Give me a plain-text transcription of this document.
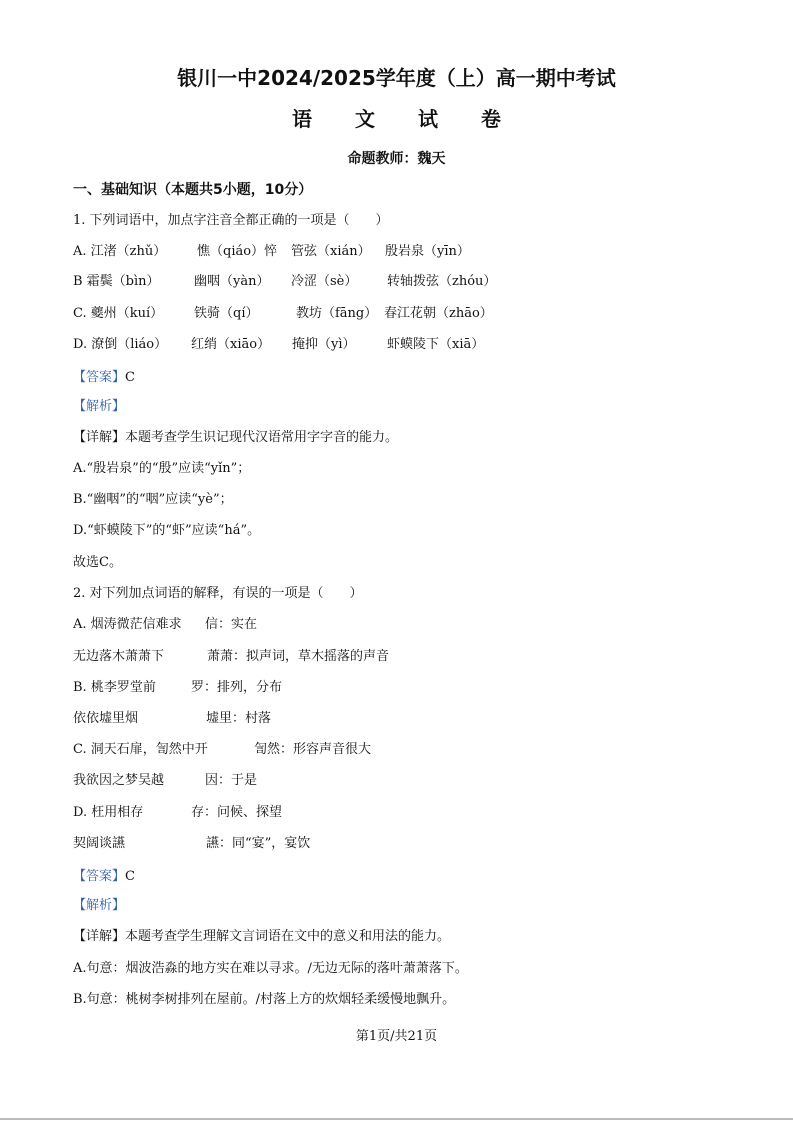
银川一中2024/2025学年度（上）高一期中考试
语 文 试 卷
命题教师：魏天
一、基础知识（本题共5小题，10分）
1. 下列词语中，加点字注音全都正确的一项是（　　）
A. 江渚（zhǔ） 憔（qiáo）悴 管弦（xián） 殷岩泉（yīn）
B 霜鬓（bìn）	幽咽（yàn） 冷涩（sè） 转轴拨弦（zhóu）
C. 夔州（kuí） 铁骑（qí）	教坊（fāng） 春江花朝（zhāo）
D. 潦倒（liáo） 红绡（xiāo） 掩抑（yì） 虾蟆陵下（xiā）
【答案】C
【解析】
【详解】本题考查学生识记现代汉语常用字字音的能力。
A.“殷岩泉”的“殷”应读“yǐn”；
B.“幽咽”的“咽”应读“yè”；
D.“虾蟆陵下”的“虾”应读“há”。
故选C。
2. 对下列加点词语的解释，有误的一项是（　　）
A. 烟涛微茫信难求 信：实在
无边落木萧萧下	萧萧：拟声词，草木摇落的声音
B. 桃李罗堂前	罗：排列，分布
依依墟里烟	墟里：村落
C. 洞天石扉，訇然中开	訇然：形容声音很大
我欲因之梦吴越	因：于是
D. 枉用相存	存：问候、探望
契阔谈讌	讌：同“宴”，宴饮
【答案】C
【解析】
【详解】本题考查学生理解文言词语在文中的意义和用法的能力。
A.句意：烟波浩淼的地方实在难以寻求。/无边无际的落叶萧萧落下。
B.句意：桃树李树排列在屋前。/村落上方的炊烟轻柔缓慢地飘升。
第1页/共21页
